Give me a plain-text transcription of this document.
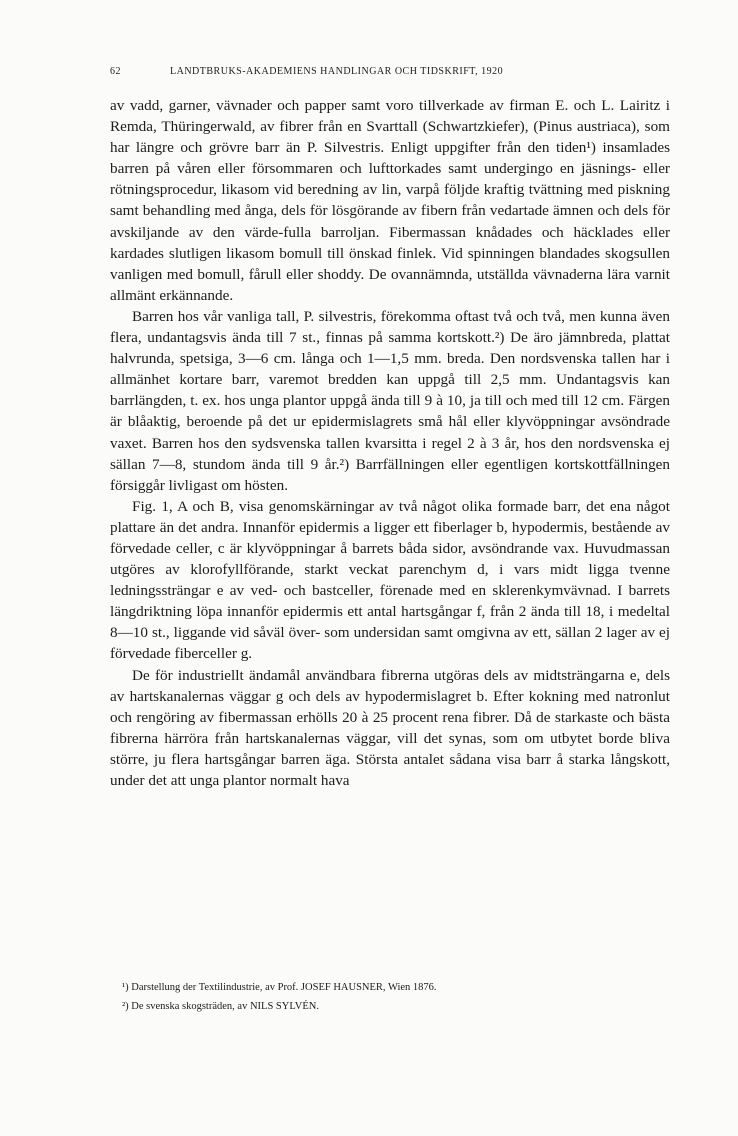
62	LANDTBRUKS-AKADEMIENS HANDLINGAR OCH TIDSKRIFT, 1920

av vadd, garner, vävnader och papper samt voro tillverkade av firman E. och L. Lairitz i Remda, Thüringerwald, av fibrer från en Svarttall (Schwartzkiefer), (Pinus austriaca), som har längre och grövre barr än P. Silvestris. Enligt uppgifter från den tiden¹) insamlades barren på våren eller försommaren och lufttorkades samt undergingo en jäsnings- eller rötningsprocedur, likasom vid beredning av lin, varpå följde kraftig tvättning med piskning samt behandling med ånga, dels för lösgörande av fibern från vedartade ämnen och dels för avskiljande av den värde-fulla barroljan. Fibermassan knådades och häcklades eller kardades slutligen likasom bomull till önskad finlek. Vid spinningen blandades skogsullen vanligen med bomull, fårull eller shoddy. De ovannämnda, utställda vävnaderna lära varnit allmänt erkännande.

Barren hos vår vanliga tall, P. silvestris, förekomma oftast två och två, men kunna även flera, undantagsvis ända till 7 st., finnas på samma kortskott.²) De äro jämnbreda, plattat halvrunda, spetsiga, 3—6 cm. långa och 1—1,5 mm. breda. Den nordsvenska tallen har i allmänhet kortare barr, varemot bredden kan uppgå till 2,5 mm. Undantagsvis kan barrlängden, t. ex. hos unga plantor uppgå ända till 9 à 10, ja till och med till 12 cm. Färgen är blåaktig, beroende på det ur epidermislagrets små hål eller klyvöppningar avsöndrade vaxet. Barren hos den sydsvenska tallen kvarsitta i regel 2 à 3 år, hos den nordsvenska ej sällan 7—8, stundom ända till 9 år.²) Barrfällningen eller egentligen kortskottfällningen försiggår livligast om hösten.

Fig. 1, A och B, visa genomskärningar av två något olika formade barr, det ena något plattare än det andra. Innanför epidermis a ligger ett fiberlager b, hypodermis, bestående av förvedade celler, c är klyvöppningar å barrets båda sidor, avsöndrande vax. Huvudmassan utgöres av klorofyllförande, starkt veckat parenchym d, i vars midt ligga tvenne ledningssträngar e av ved- och bastceller, förenade med en sklerenkymvävnad. I barrets längdriktning löpa innanför epidermis ett antal hartsgångar f, från 2 ända till 18, i medeltal 8—10 st., liggande vid såväl över- som undersidan samt omgivna av ett, sällan 2 lager av ej förvedade fiberceller g.

De för industriellt ändamål användbara fibrerna utgöras dels av midtsträngarna e, dels av hartskanalernas väggar g och dels av hypodermislagret b. Efter kokning med natronlut och rengöring av fibermassan erhölls 20 à 25 procent rena fibrer. Då de starkaste och bästa fibrerna härröra från hartskanalernas väggar, vill det synas, som om utbytet borde bliva större, ju flera hartsgångar barren äga. Största antalet sådana visa barr å starka långskott, under det att unga plantor normalt hava

¹) Darstellung der Textilindustrie, av Prof. JOSEF HAUSNER, Wien 1876.
²) De svenska skogsträden, av NILS SYLVÉN.
